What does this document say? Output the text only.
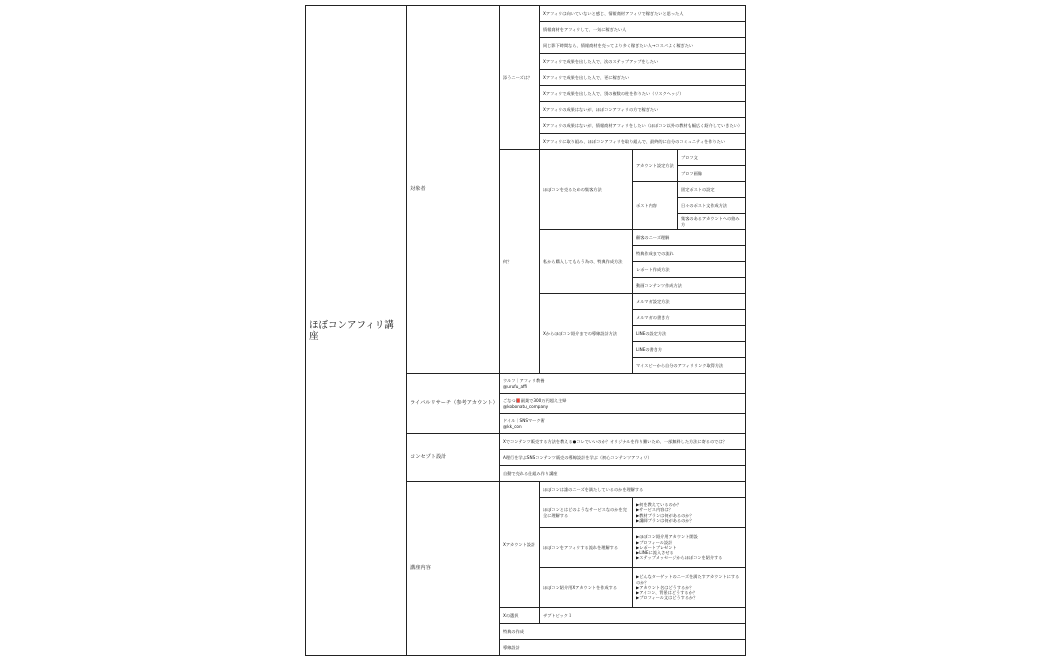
Xアフィリは向いていないと感じ、情報商材アフィリで稼ぎたいと思った人
情報商材をアフィリして、一気に稼ぎたい人
同じ影下時間なら、情報商材を売ってより多く稼ぎたい人→コスパよく稼ぎたい
Xアフィリで成果を出した人で、次のステップアップをしたい
Xアフィリで成果を出した人で、更に稼ぎたい
Xアフィリで成果を出した人で、別の複数の柱を作りたい（リスクヘッジ）
Xアフィリの成果はないが、ほぼコンアフィリの方で稼ぎたい
Xアフィリの成果はないが、情報商材アフィリをしたい（ほぼコン以外の教材も幅広く紹介していきたい）
Xアフィリに取り組み、ほぼコンアフィリを取り組んで、最終的に自分のコミュニティを作りたい
添うニーズは？
プロフ文
プロフ画像
アカウント設定方法
固定ポストの設定
日々のポスト文作成方法
集客のあるアカウントへの絡み方
ポスト内容
ほぼコンを売るための集客方法
顧客のニーズ理解
特典作成までの流れ
レポート作成方法
動画コンテンツ作成方法
私から購入してもらう為の、特典作成方法
メルマガ設定方法
メルマガの書き方
LINEの設定方法
LINEの書き方
マイスピーから自分のアフィリリンク取得方法
Xからほぼコン紹介までの導線設計方法
何？
対象者
ウルフ｜アフィリ教養
@urufu_affi
ごなつ📕副業で300万円超え主婦
@kobonatu_company
ドイル｜SNSマーク術
@kk_con
ライバルリサーチ（参考アカウント）
Xでコンテンツ販売する方法を教える●コレでいいのか？オリジナルを作り難いため、一部無料した方法に寄るのでは？
A理行を学ぶSNSコンテンツ販売の導線設計を学ぶ（初心コンテンツアフィリ）
自動で売れる仕組み作り講座
コンセプト設計
ほぼコンは誰のニーズを満たしているのかを理解する
ほぼコンとはどのようなサービスなのかを完全に理解する
▶何を教えているのか？
▶サービス内容は？
▶教材プランは何があるのか？
▶講師プランは何があるのか？
ほぼコンをアフィリする流れを理解する
▶ほぼコン紹介用アカウント開設
▶プロフィール設計
▶レポートプレゼント
▶LINEに流入させる
▶ステップメッセージからほぼコンを紹介する
ほぼコン紹介用Xアカウントを作成する
▶どんなターゲットのニーズを満たすアカウントにするのか？
▶アカウント名はどうするか？
▶アイコン、背景はどうするか？
▶プロフィール文はどうするか？
Xアカウント設計
Xの選択	ザブトピック１
特典の作成
導線設計
講座内容
ほぼコンアフィリ講座
